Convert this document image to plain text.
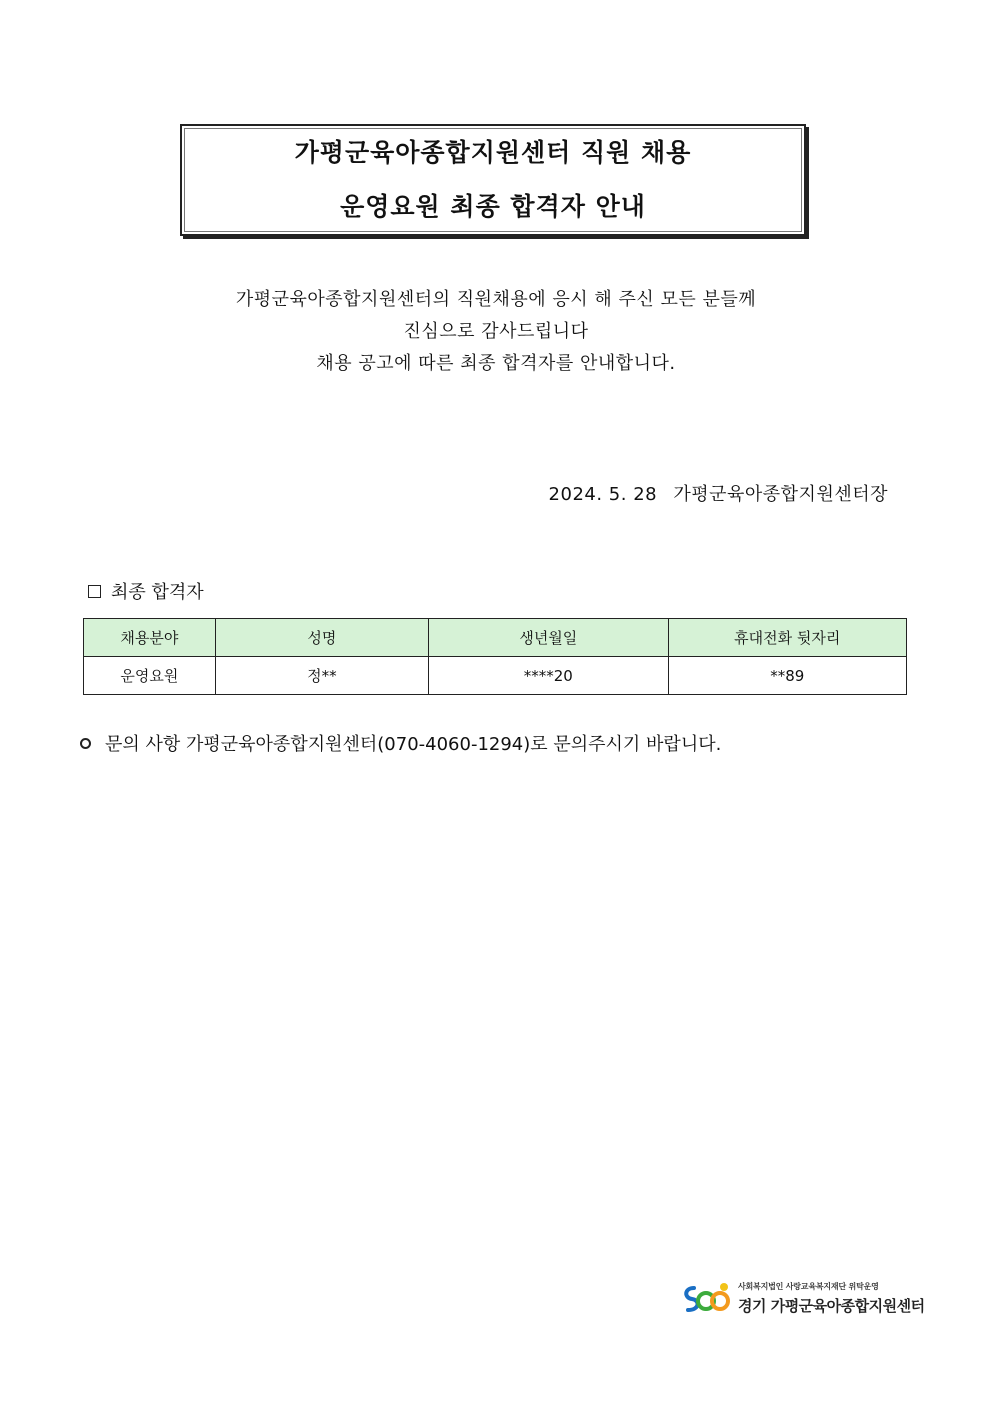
가평군육아종합지원센터 직원 채용
운영요원 최종 합격자 안내
가평군육아종합지원센터의 직원채용에 응시 해 주신 모든 분들께
진심으로 감사드립니다
채용 공고에 따른 최종 합격자를 안내합니다.
2024. 5. 28 가평군육아종합지원센터장
최종 합격자
채용분야	성명	생년월일	휴대전화 뒷자리
운영요원	정**	****20	**89
문의 사항 가평군육아종합지원센터(070-4060-1294)로 문의주시기 바랍니다.
사회복지법인 사랑교육복지재단 위탁운영
경기 가평군육아종합지원센터
